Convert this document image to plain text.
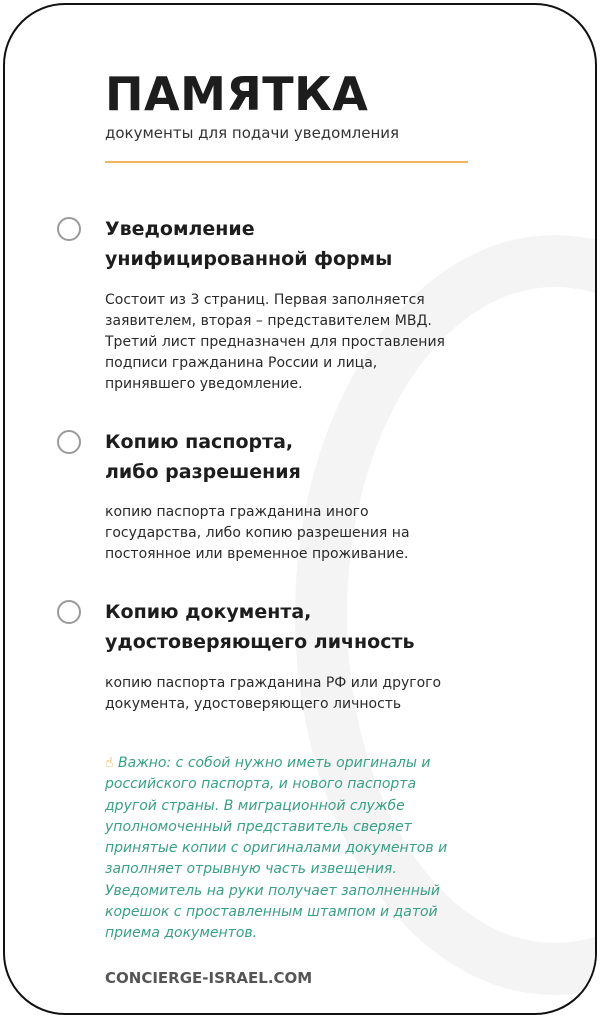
ПАМЯТКА
документы для подачи уведомления
Уведомление
унифицированной формы
Состоит из 3 страниц. Первая заполняется
заявителем, вторая – представителем МВД.
Третий лист предназначен для проставления
подписи гражданина России и лица,
принявшего уведомление.
Копию паспорта,
либо разрешения
копию паспорта гражданина иного
государства, либо копию разрешения на
постоянное или временное проживание.
Копию документа,
удостоверяющего личность
копию паспорта гражданина РФ или другого
документа, удостоверяющего личность
☝ Важно: с собой нужно иметь оригиналы и
российского паспорта, и нового паспорта
другой страны. В миграционной службе
уполномоченный представитель сверяет
принятые копии с оригиналами документов и
заполняет отрывную часть извещения.
Уведомитель на руки получает заполненный
корешок с проставленным штампом и датой
приема документов.
CONCIERGE-ISRAEL.COM
